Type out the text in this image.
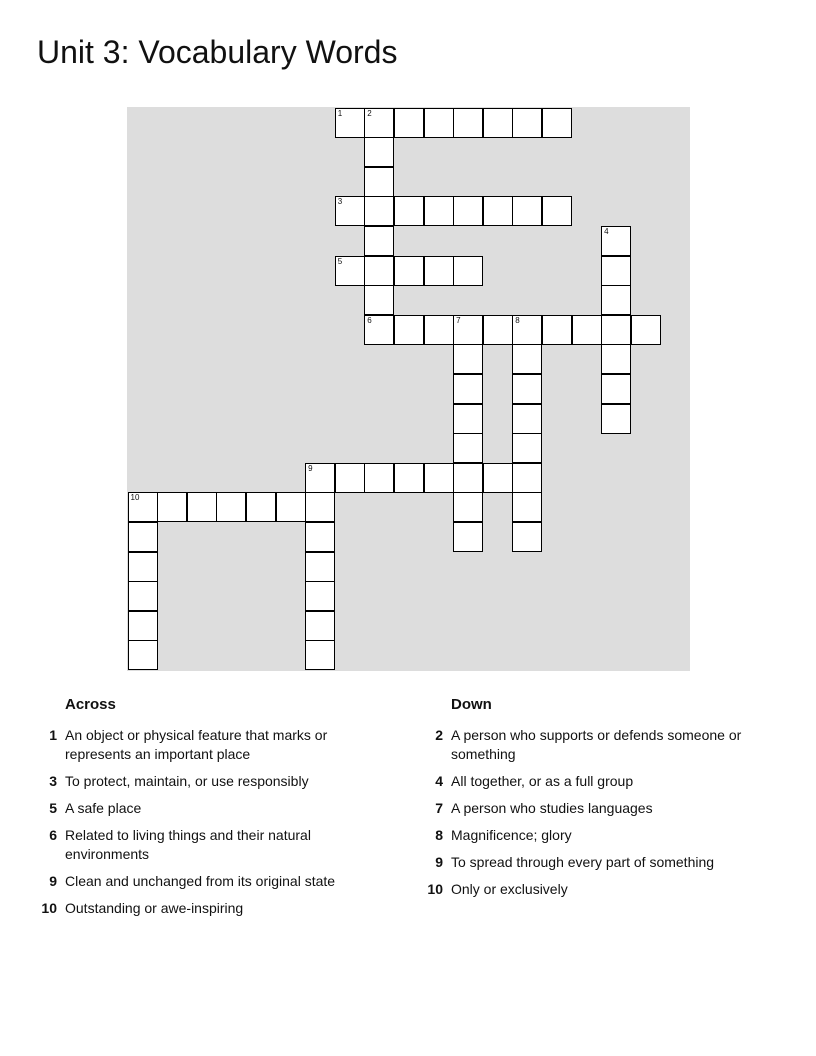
Unit 3: Vocabulary Words
1	2
3
4
5
6	7	8
9
10
Across
1 An object or physical feature that marks or represents an important place
3 To protect, maintain, or use responsibly
5 A safe place
6 Related to living things and their natural environments
9 Clean and unchanged from its original state
10 Outstanding or awe-inspiring
Down
2 A person who supports or defends someone or something
4 All together, or as a full group
7 A person who studies languages
8 Magnificence; glory
9 To spread through every part of something
10 Only or exclusively
